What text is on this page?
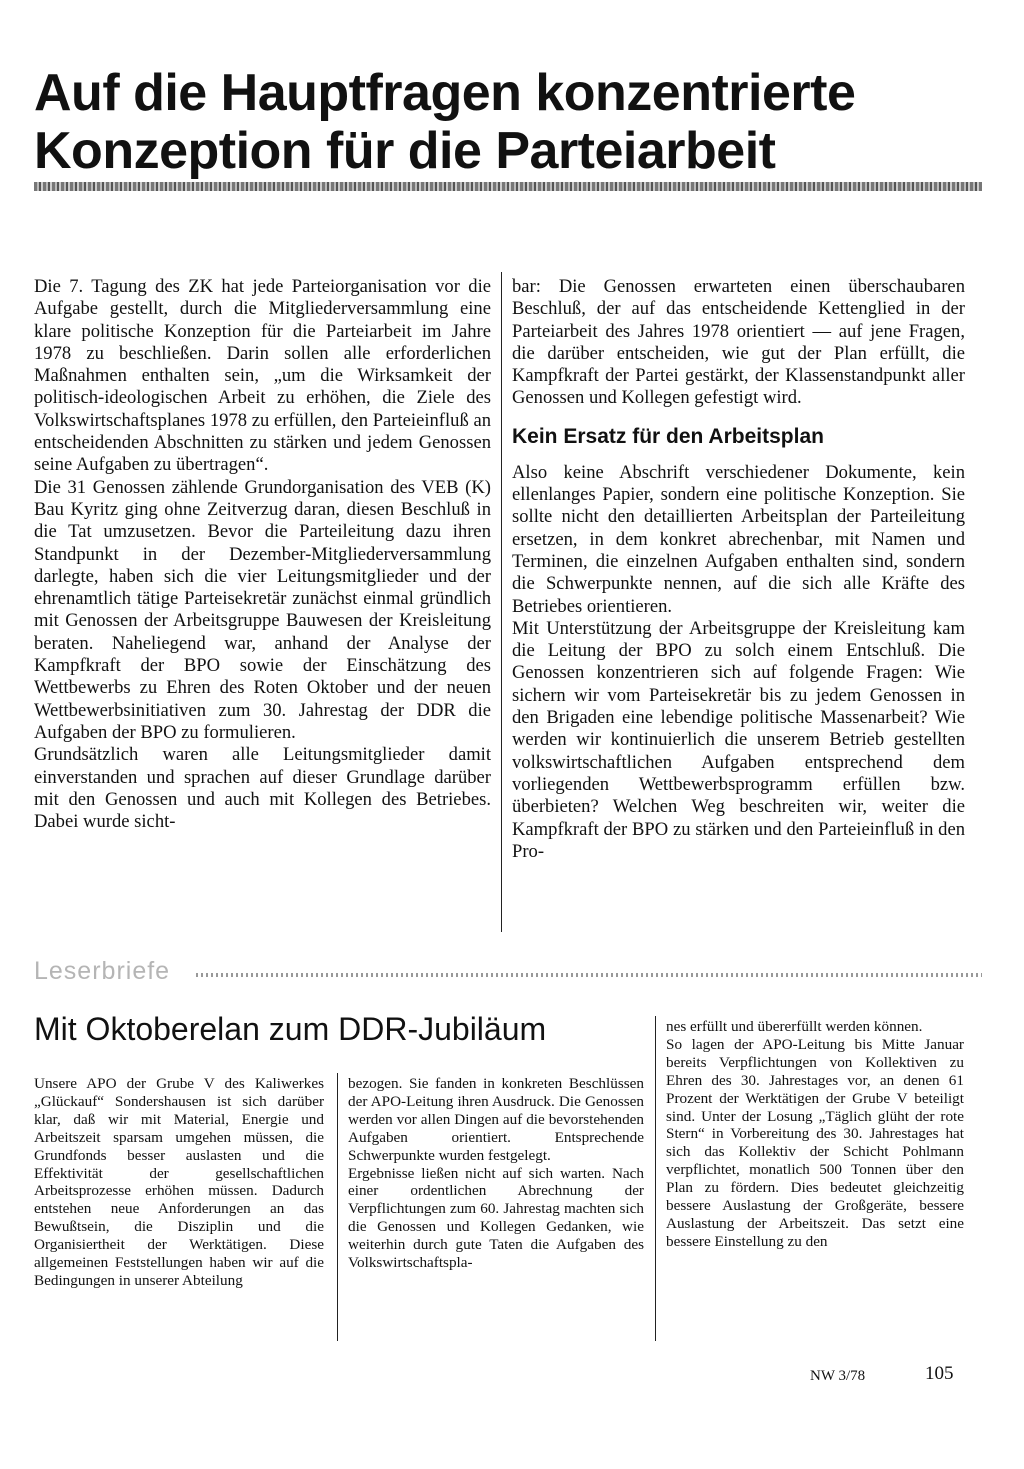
Auf die Hauptfragen konzentrierte
Konzeption für die Parteiarbeit

Die 7. Tagung des ZK hat jede Parteiorganisation vor die Aufgabe gestellt, durch die Mitgliederversammlung eine klare politische Konzeption für die Parteiarbeit im Jahre 1978 zu beschließen. Darin sollen alle erforderlichen Maßnahmen enthalten sein, „um die Wirksamkeit der politisch-ideologischen Arbeit zu erhöhen, die Ziele des Volkswirtschaftsplanes 1978 zu erfüllen, den Parteieinfluß an entscheidenden Abschnitten zu stärken und jedem Genossen seine Aufgaben zu übertragen“.

Die 31 Genossen zählende Grundorganisation des VEB (K) Bau Kyritz ging ohne Zeitverzug daran, diesen Beschluß in die Tat umzusetzen. Bevor die Parteileitung dazu ihren Standpunkt in der Dezember-Mitgliederversammlung darlegte, haben sich die vier Leitungsmitglieder und der ehrenamtlich tätige Parteisekretär zunächst einmal gründlich mit Genossen der Arbeitsgruppe Bauwesen der Kreisleitung beraten. Naheliegend war, anhand der Analyse der Kampfkraft der BPO sowie der Einschätzung des Wettbewerbs zu Ehren des Roten Oktober und der neuen Wettbewerbsinitiativen zum 30. Jahrestag der DDR die Aufgaben der BPO zu formulieren.

Grundsätzlich waren alle Leitungsmitglieder damit einverstanden und sprachen auf dieser Grundlage darüber mit den Genossen und auch mit Kollegen des Betriebes. Dabei wurde sicht-

bar: Die Genossen erwarteten einen überschaubaren Beschluß, der auf das entscheidende Kettenglied in der Parteiarbeit des Jahres 1978 orientiert — auf jene Fragen, die darüber entscheiden, wie gut der Plan erfüllt, die Kampfkraft der Partei gestärkt, der Klassenstandpunkt aller Genossen und Kollegen gefestigt wird.

Kein Ersatz für den Arbeitsplan

Also keine Abschrift verschiedener Dokumente, kein ellenlanges Papier, sondern eine politische Konzeption. Sie sollte nicht den detaillierten Arbeitsplan der Parteileitung ersetzen, in dem konkret abrechenbar, mit Namen und Terminen, die einzelnen Aufgaben enthalten sind, sondern die Schwerpunkte nennen, auf die sich alle Kräfte des Betriebes orientieren.

Mit Unterstützung der Arbeitsgruppe der Kreisleitung kam die Leitung der BPO zu solch einem Entschluß. Die Genossen konzentrieren sich auf folgende Fragen: Wie sichern wir vom Parteisekretär bis zu jedem Genossen in den Brigaden eine lebendige politische Massenarbeit? Wie werden wir kontinuierlich die unserem Betrieb gestellten volkswirtschaftlichen Aufgaben entsprechend dem vorliegenden Wettbewerbsprogramm erfüllen bzw. überbieten? Welchen Weg beschreiten wir, weiter die Kampfkraft der BPO zu stärken und den Parteieinfluß in den Pro-

Leserbriefe
Mit Oktoberelan zum DDR-Jubiläum

Unsere APO der Grube V des Kaliwerkes „Glückauf“ Sondershausen ist sich darüber klar, daß wir mit Material, Energie und Arbeitszeit sparsam umgehen müssen, die Grundfonds besser auslasten und die Effektivität der gesellschaftlichen Arbeitsprozesse erhöhen müssen. Dadurch entstehen neue Anforderungen an das Bewußtsein, die Disziplin und die Organisiertheit der Werktätigen. Diese allgemeinen Feststellungen haben wir auf die Bedingungen in unserer Abteilung

bezogen. Sie fanden in konkreten Beschlüssen der APO-Leitung ihren Ausdruck. Die Genossen werden vor allen Dingen auf die bevorstehenden Aufgaben orientiert. Entsprechende Schwerpunkte wurden festgelegt.

Ergebnisse ließen nicht auf sich warten. Nach einer ordentlichen Abrechnung der Verpflichtungen zum 60. Jahrestag machten sich die Genossen und Kollegen Gedanken, wie weiterhin durch gute Taten die Aufgaben des Volkswirtschaftspla-

nes erfüllt und übererfüllt werden können.

So lagen der APO-Leitung bis Mitte Januar bereits Verpflichtungen von Kollektiven zu Ehren des 30. Jahrestages vor, an denen 61 Prozent der Werktätigen der Grube V beteiligt sind. Unter der Losung „Täglich glüht der rote Stern“ in Vorbereitung des 30. Jahrestages hat sich das Kollektiv der Schicht Pohlmann verpflichtet, monatlich 500 Tonnen über den Plan zu fördern. Dies bedeutet gleichzeitig bessere Auslastung der Großgeräte, bessere Auslastung der Arbeitszeit. Das setzt eine bessere Einstellung zu den

NW 3/78	105
